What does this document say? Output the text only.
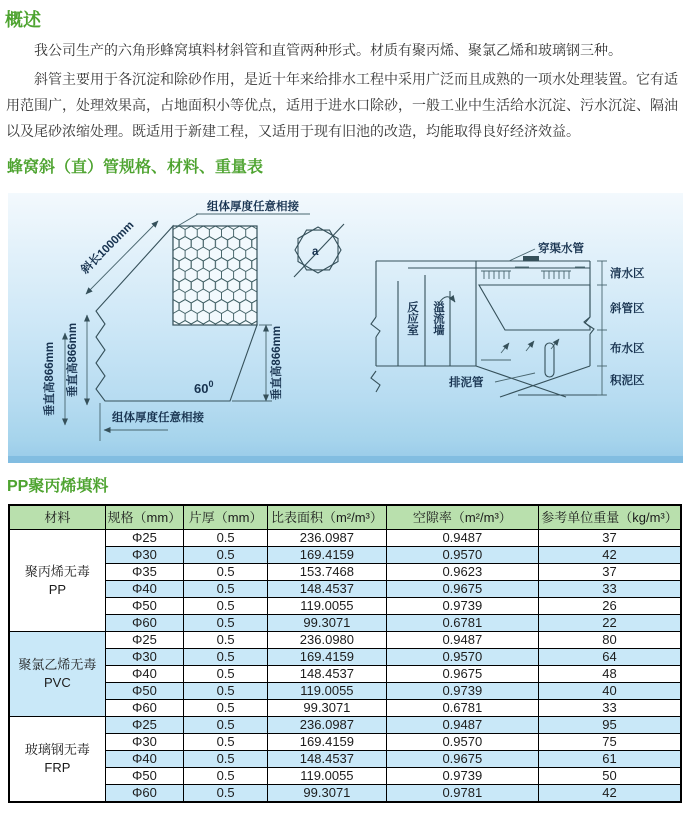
概述

我公司生产的六角形蜂窝填料材斜管和直管两种形式。材质有聚丙烯、聚氯乙烯和玻璃钢三种。

斜管主要用于各沉淀和除砂作用，是近十年来给排水工程中采用广泛而且成熟的一项水处理装置。它有适用范围广，处理效果高，占地面积小等优点，适用于进水口除砂，一般工业中生活给水沉淀、污水沉淀、隔油以及尾砂浓缩处理。既适用于新建工程，又适用于现有旧池的改造，均能取得良好经济效益。

蜂窝斜（直）管规格、材料、重量表
组体厚度任意相接
斜长1000mm
垂直高866mm 垂直高866mm	垂直高866mm
$60^0$
组体厚度任意相接
a
反应室 溢流墙
排泥管
穿渠水管
清水区
斜管区
布水区
积泥区
PP聚丙烯填料
材料	规格（mm）	片厚（mm）	比表面积（m²/m³）	空隙率（m²/m³）	参考单位重量（kg/m³）

聚丙烯无毒
PP	Φ25	0.5	236.0987	0.9487	37
	Φ30	0.5	169.4159	0.9570	42
	Φ35	0.5	153.7468	0.9623	37
	Φ40	0.5	148.4537	0.9675	33
	Φ50	0.5	119.0055	0.9739	26
	Φ60	0.5	99.3071	0.6781	22

聚氯乙烯无毒
PVC	Φ25	0.5	236.0980	0.9487	80
	Φ30	0.5	169.4159	0.9570	64
	Φ40	0.5	148.4537	0.9675	48
	Φ50	0.5	119.0055	0.9739	40
	Φ60	0.5	99.3071	0.6781	33

玻璃钢无毒
FRP	Φ25	0.5	236.0987	0.9487	95
	Φ30	0.5	169.4159	0.9570	75
	Φ40	0.5	148.4537	0.9675	61
	Φ50	0.5	119.0055	0.9739	50
	Φ60	0.5	99.3071	0.9781	42
